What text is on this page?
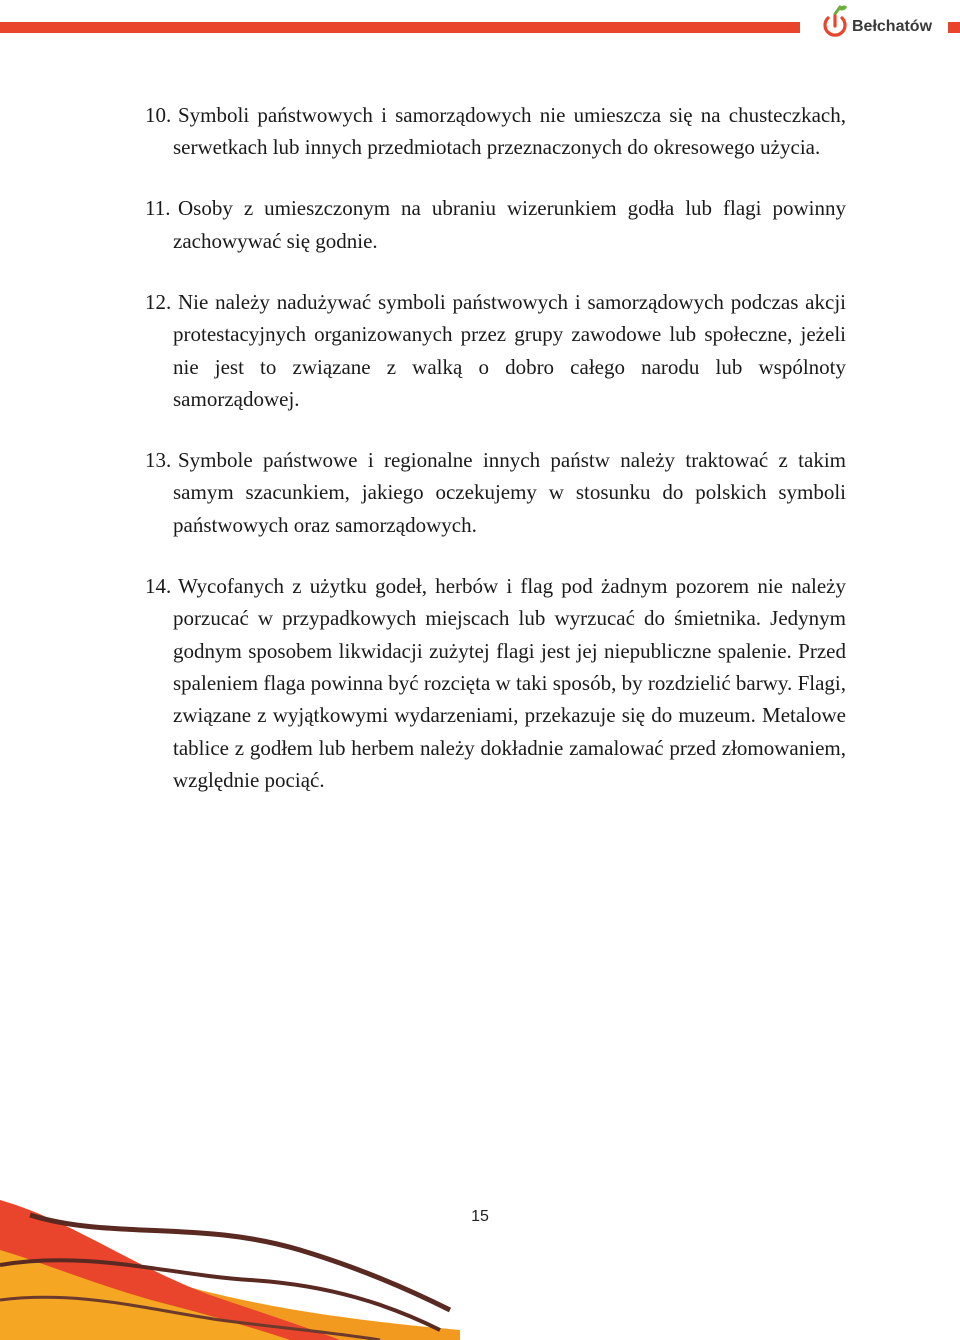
Bełchatów
10. Symboli państwowych i samorządowych nie umieszcza się na chusteczkach, serwetkach lub innych przedmiotach przeznaczonych do okresowego użycia.
11. Osoby z umieszczonym na ubraniu wizerunkiem godła lub flagi powinny zachowywać się godnie.
12. Nie należy nadużywać symboli państwowych i samorządowych podczas akcji protestacyjnych organizowanych przez grupy zawodowe lub społeczne, jeżeli nie jest to związane z walką o dobro całego narodu lub wspólnoty samorządowej.
13. Symbole państwowe i regionalne innych państw należy traktować z takim samym szacunkiem, jakiego oczekujemy w stosunku do polskich symboli państwowych oraz samorządowych.
14. Wycofanych z użytku godeł, herbów i flag pod żadnym pozorem nie należy porzucać w przypadkowych miejscach lub wyrzucać do śmietnika. Jedynym godnym sposobem likwidacji zużytej flagi jest jej niepubliczne spalenie. Przed spaleniem flaga powinna być rozcięta w taki sposób, by rozdzielić barwy. Flagi, związane z wyjątkowymi wydarzeniami, przekazuje się do muzeum. Metalowe tablice z godłem lub herbem należy dokładnie zamalować przed złomowaniem, względnie pociąć.
15
